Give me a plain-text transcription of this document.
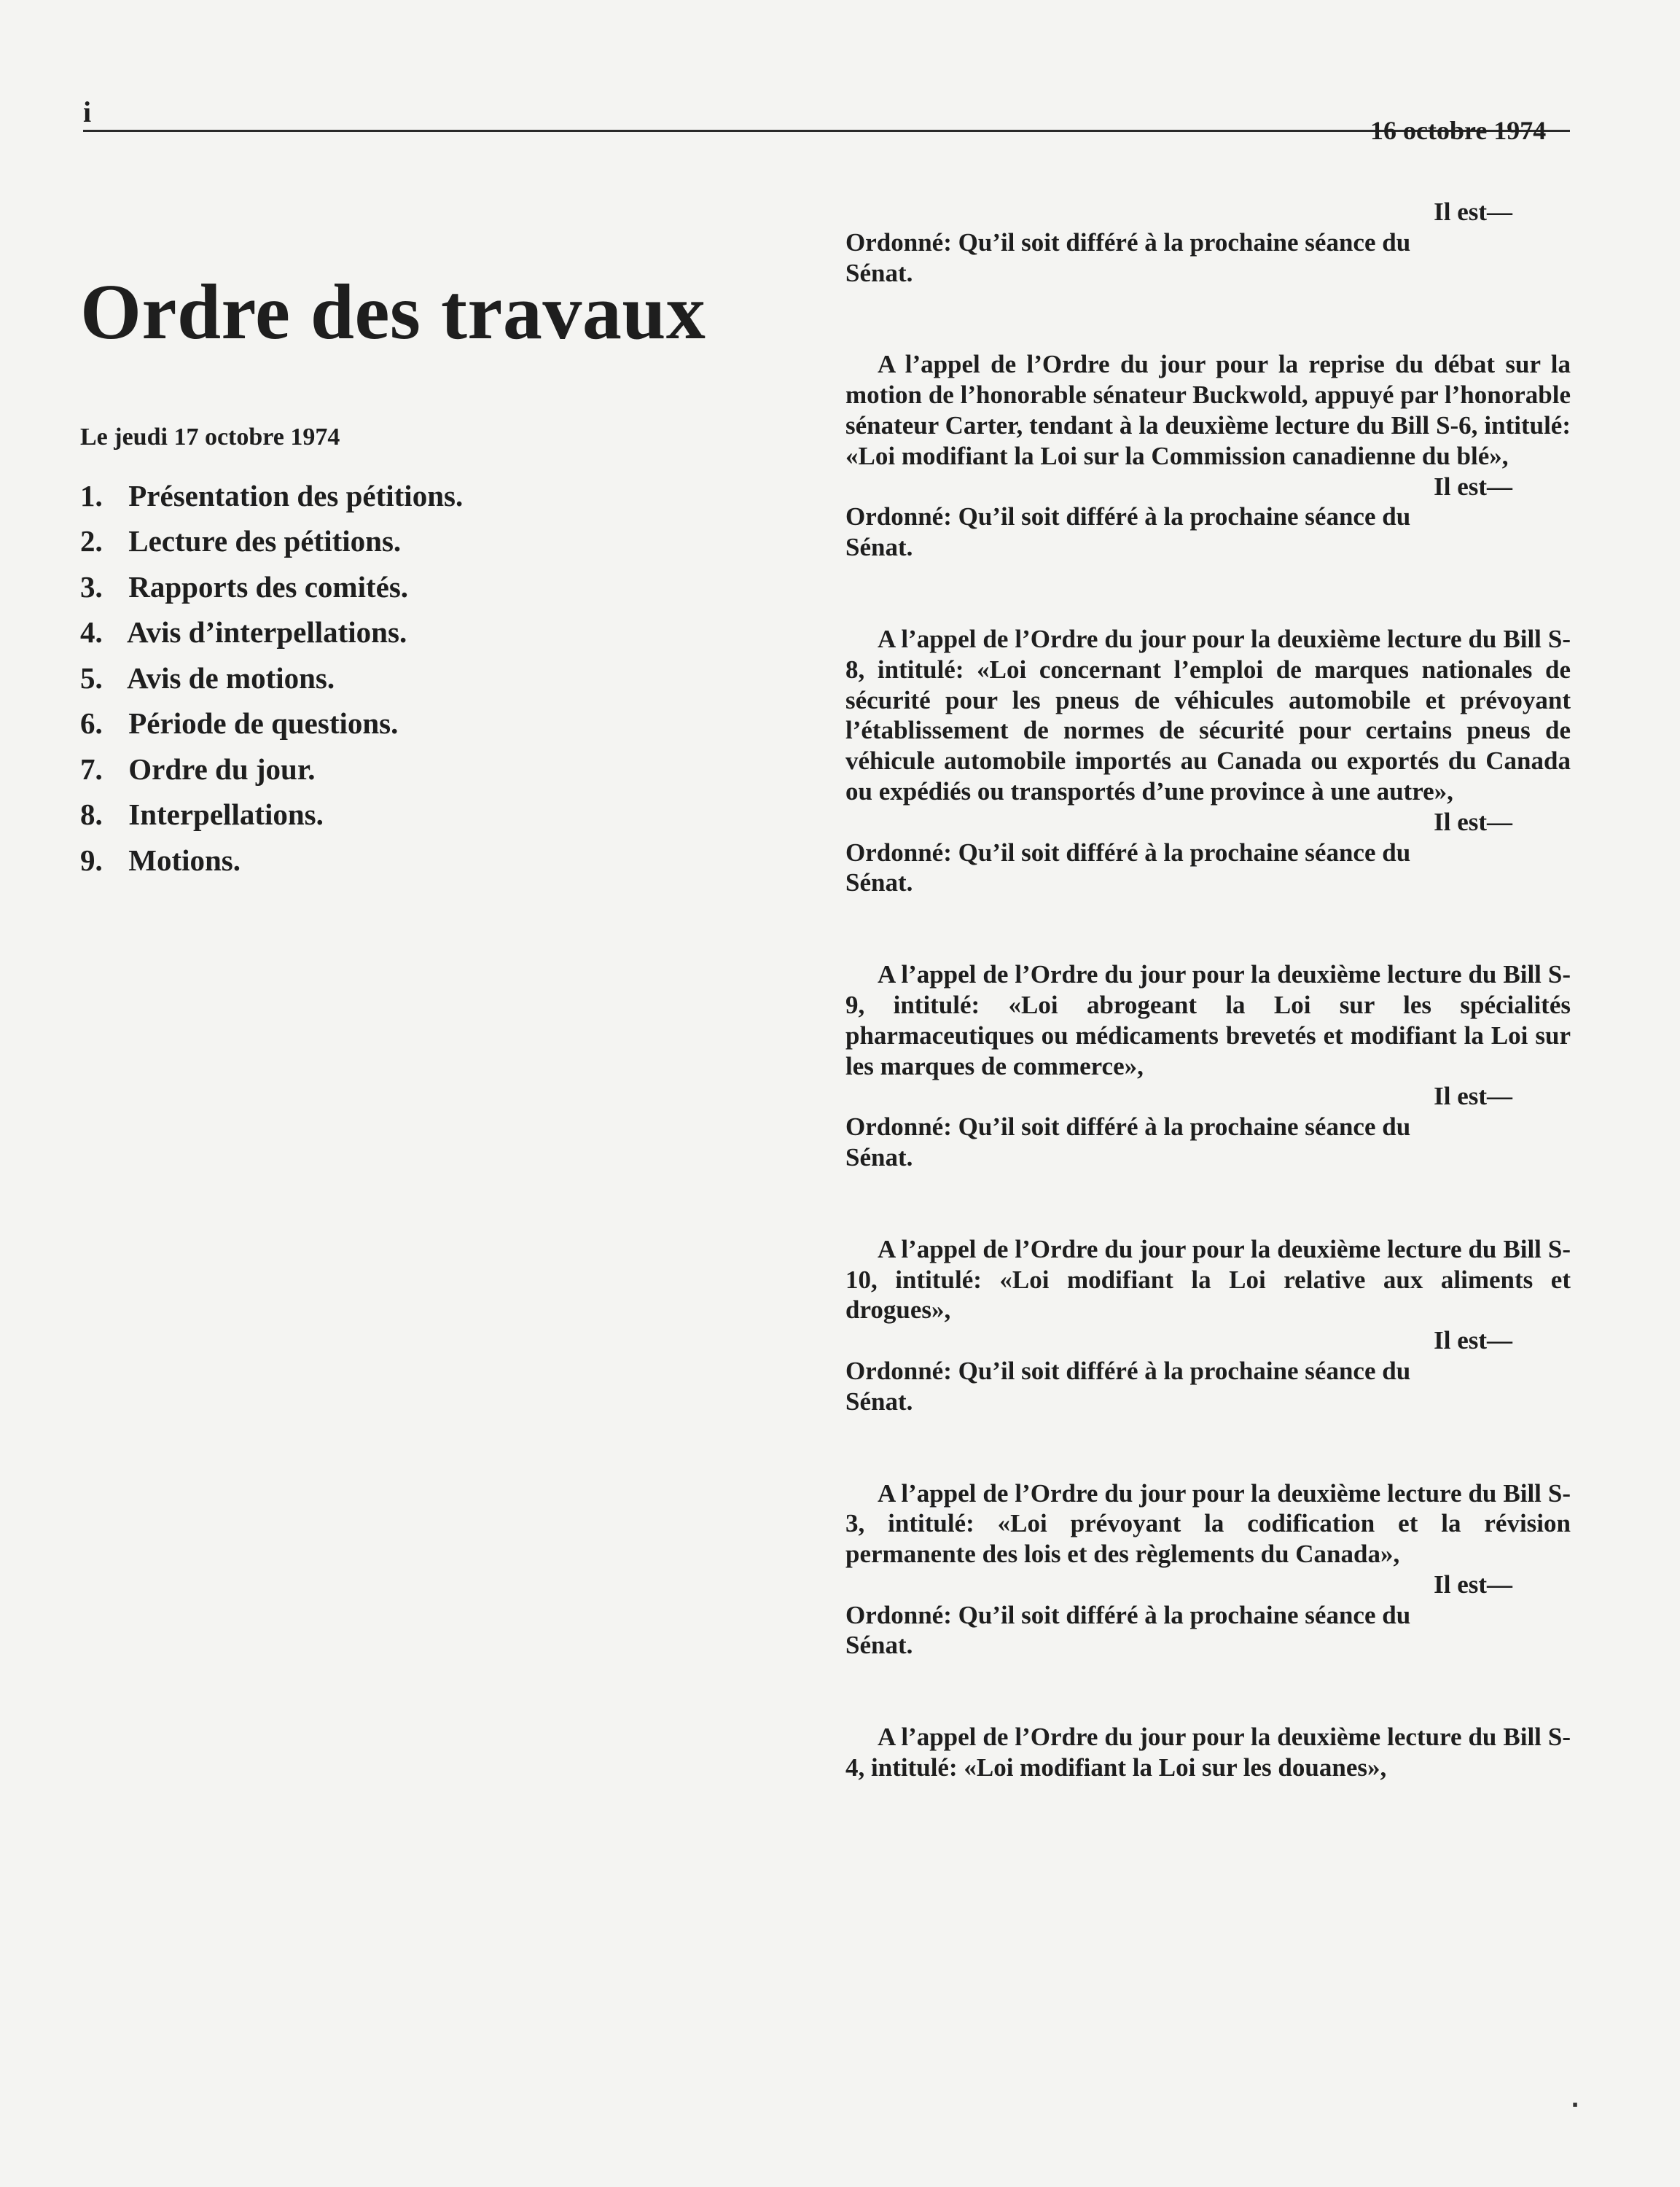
i
16 octobre 1974
Ordre des travaux
Le jeudi 17 octobre 1974
1. Présentation des pétitions.
2. Lecture des pétitions.
3. Rapports des comités.
4. Avis d’interpellations.
5. Avis de motions.
6. Période de questions.
7. Ordre du jour.
8. Interpellations.
9. Motions.
Il est—
Ordonné: Qu’il soit différé à la prochaine séance du
Sénat.
A l’appel de l’Ordre du jour pour la reprise du débat sur la motion de l’honorable sénateur Buckwold, appuyé par l’honorable sénateur Carter, tendant à la deuxième lecture du Bill S-6, intitulé: «Loi modifiant la Loi sur la Commission canadienne du blé»,
Il est—
Ordonné: Qu’il soit différé à la prochaine séance du
Sénat.
A l’appel de l’Ordre du jour pour la deuxième lecture du Bill S-8, intitulé: «Loi concernant l’emploi de marques nationales de sécurité pour les pneus de véhicules automobile et prévoyant l’établissement de normes de sécurité pour certains pneus de véhicule automobile importés au Canada ou exportés du Canada ou expédiés ou transportés d’une province à une autre»,
Il est—
Ordonné: Qu’il soit différé à la prochaine séance du
Sénat.
A l’appel de l’Ordre du jour pour la deuxième lecture du Bill S-9, intitulé: «Loi abrogeant la Loi sur les spécialités pharmaceutiques ou médicaments brevetés et modifiant la Loi sur les marques de commerce»,
Il est—
Ordonné: Qu’il soit différé à la prochaine séance du
Sénat.
A l’appel de l’Ordre du jour pour la deuxième lecture du Bill S-10, intitulé: «Loi modifiant la Loi relative aux aliments et drogues»,
Il est—
Ordonné: Qu’il soit différé à la prochaine séance du
Sénat.
A l’appel de l’Ordre du jour pour la deuxième lecture du Bill S-3, intitulé: «Loi prévoyant la codification et la révision permanente des lois et des règlements du Canada»,
Il est—
Ordonné: Qu’il soit différé à la prochaine séance du
Sénat.
A l’appel de l’Ordre du jour pour la deuxième lecture du Bill S-4, intitulé: «Loi modifiant la Loi sur les douanes»,
▪
